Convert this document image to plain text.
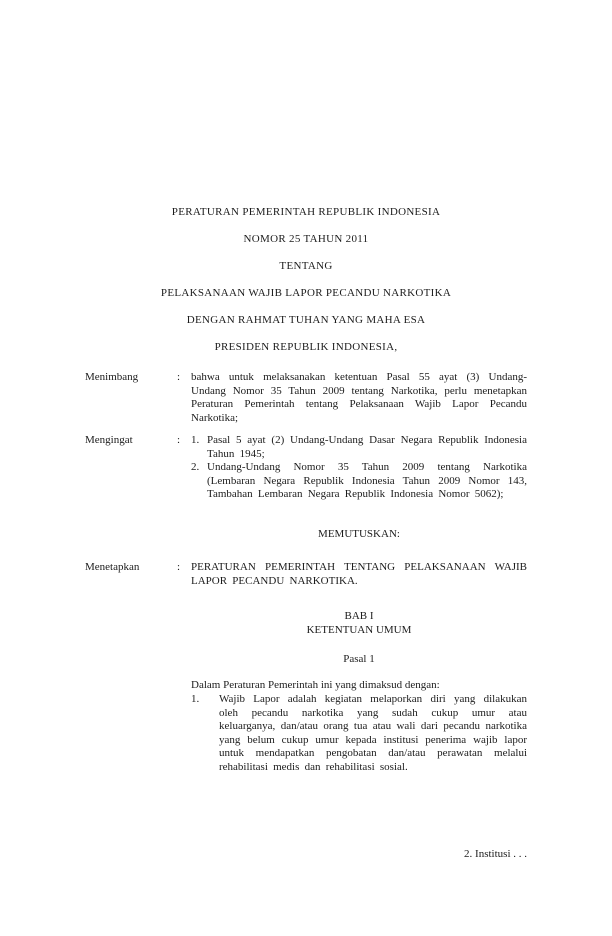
PERATURAN PEMERINTAH REPUBLIK INDONESIA
NOMOR 25 TAHUN 2011
TENTANG
PELAKSANAAN WAJIB LAPOR PECANDU NARKOTIKA
DENGAN RAHMAT TUHAN YANG MAHA ESA
PRESIDEN REPUBLIK INDONESIA,
Menimbang	: bahwa untuk melaksanakan ketentuan Pasal 55 ayat (3) Undang-Undang Nomor 35 Tahun 2009 tentang Narkotika, perlu menetapkan Peraturan Pemerintah tentang Pelaksanaan Wajib Lapor Pecandu Narkotika;
Mengingat	: 1. Pasal 5 ayat (2) Undang-Undang Dasar Negara Republik Indonesia Tahun 1945;
2. Undang-Undang Nomor 35 Tahun 2009 tentang Narkotika (Lembaran Negara Republik Indonesia Tahun 2009 Nomor 143, Tambahan Lembaran Negara Republik Indonesia Nomor 5062);
MEMUTUSKAN:
Menetapkan	: PERATURAN PEMERINTAH TENTANG PELAKSANAAN WAJIB LAPOR PECANDU NARKOTIKA.
BAB I
KETENTUAN UMUM
Pasal 1
Dalam Peraturan Pemerintah ini yang dimaksud dengan:
1.	Wajib Lapor adalah kegiatan melaporkan diri yang dilakukan oleh pecandu narkotika yang sudah cukup umur atau keluarganya, dan/atau orang tua atau wali dari pecandu narkotika yang belum cukup umur kepada institusi penerima wajib lapor untuk mendapatkan pengobatan dan/atau perawatan melalui rehabilitasi medis dan rehabilitasi sosial.
2. Institusi . . .
